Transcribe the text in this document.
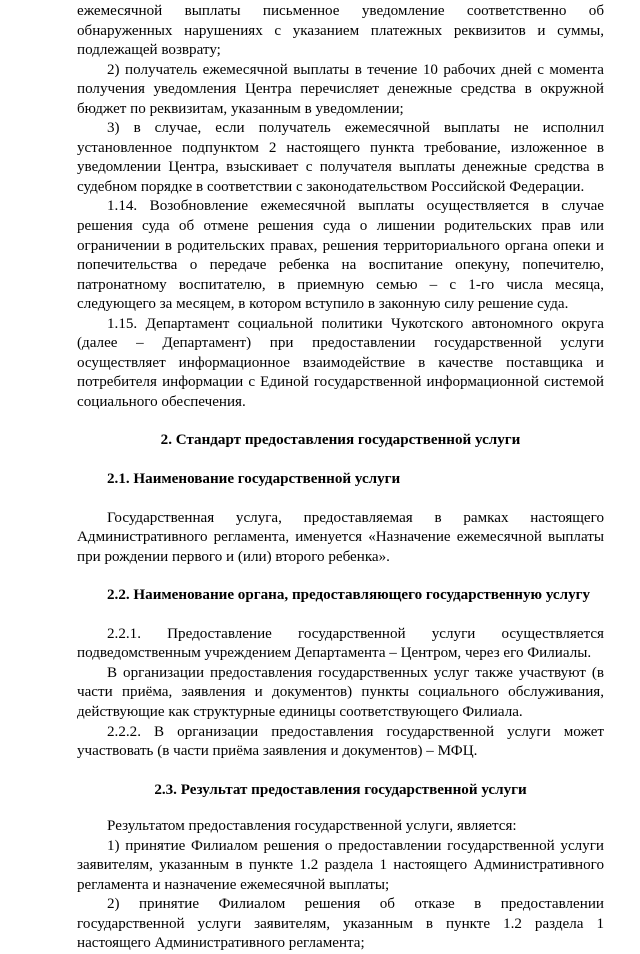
ежемесячной выплаты письменное уведомление соответственно об обнаруженных нарушениях с указанием платежных реквизитов и суммы, подлежащей возврату;

2) получатель ежемесячной выплаты в течение 10 рабочих дней с момента получения уведомления Центра перечисляет денежные средства в окружной бюджет по реквизитам, указанным в уведомлении;

3) в случае, если получатель ежемесячной выплаты не исполнил установленное подпунктом 2 настоящего пункта требование, изложенное в уведомлении Центра, взыскивает с получателя выплаты денежные средства в судебном порядке в соответствии с законодательством Российской Федерации.

1.14. Возобновление ежемесячной выплаты осуществляется в случае решения суда об отмене решения суда о лишении родительских прав или ограничении в родительских правах, решения территориального органа опеки и попечительства о передаче ребенка на воспитание опекуну, попечителю, патронатному воспитателю, в приемную семью – с 1-го числа месяца, следующего за месяцем, в котором вступило в законную силу решение суда.

1.15. Департамент социальной политики Чукотского автономного округа (далее – Департамент) при предоставлении государственной услуги осуществляет информационное взаимодействие в качестве поставщика и потребителя информации с Единой государственной информационной системой социального обеспечения.

2. Стандарт предоставления государственной услуги

2.1. Наименование государственной услуги

Государственная услуга, предоставляемая в рамках настоящего Административного регламента, именуется «Назначение ежемесячной выплаты при рождении первого и (или) второго ребенка».

2.2. Наименование органа, предоставляющего государственную услугу

2.2.1. Предоставление государственной услуги осуществляется подведомственным учреждением Департамента – Центром, через его Филиалы.

В организации предоставления государственных услуг также участвуют (в части приёма, заявления и документов) пункты социального обслуживания, действующие как структурные единицы соответствующего Филиала.

2.2.2. В организации предоставления государственной услуги может участвовать (в части приёма заявления и документов) – МФЦ.

2.3. Результат предоставления государственной услуги

Результатом предоставления государственной услуги, является:

1) принятие Филиалом решения о предоставлении государственной услуги заявителям, указанным в пункте 1.2 раздела 1 настоящего Административного регламента и назначение ежемесячной выплаты;

2) принятие Филиалом решения об отказе в предоставлении государственной услуги заявителям, указанным в пункте 1.2 раздела 1 настоящего Административного регламента;
